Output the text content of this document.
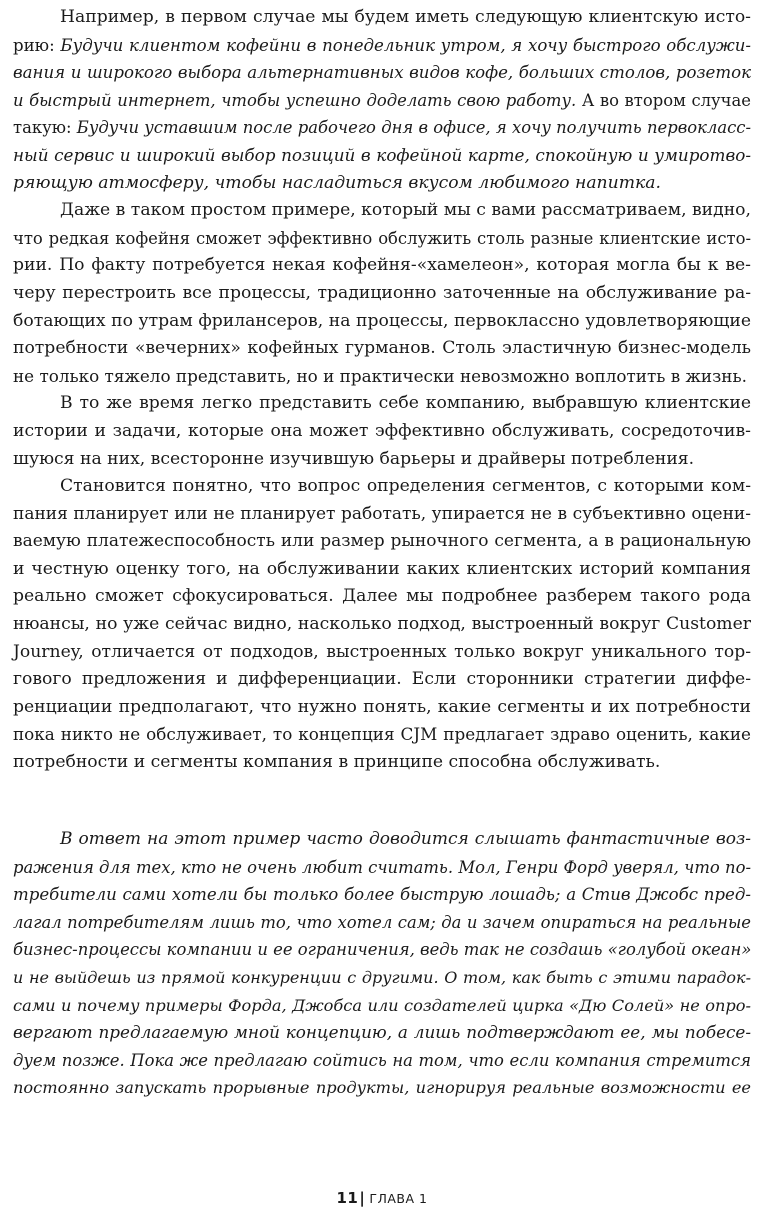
Например, в первом случае мы будем иметь следующую клиентскую исто-
рию: Будучи клиентом кофейни в понедельник утром, я хочу быстрого обслужи-
вания и широкого выбора альтернативных видов кофе, больших столов, розеток
и быстрый интернет, чтобы успешно доделать свою работу. А во втором случае
такую: Будучи уставшим после рабочего дня в офисе, я хочу получить первокласс-
ный сервис и широкий выбор позиций в кофейной карте, спокойную и умиротво-
ряющую атмосферу, чтобы насладиться вкусом любимого напитка.
Даже в таком простом примере, который мы с вами рассматриваем, видно,
что редкая кофейня сможет эффективно обслужить столь разные клиентские исто-
рии. По факту потребуется некая кофейня-«хамелеон», которая могла бы к ве-
черу перестроить все процессы, традиционно заточенные на обслуживание ра-
ботающих по утрам фрилансеров, на процессы, первоклассно удовлетворяющие
потребности «вечерних» кофейных гурманов. Столь эластичную бизнес-модель
не только тяжело представить, но и практически невозможно воплотить в жизнь.
В то же время легко представить себе компанию, выбравшую клиентские
истории и задачи, которые она может эффективно обслуживать, сосредоточив-
шуюся на них, всесторонне изучившую барьеры и драйверы потребления.
Становится понятно, что вопрос определения сегментов, с которыми ком-
пания планирует или не планирует работать, упирается не в субъективно оцени-
ваемую платежеспособность или размер рыночного сегмента, а в рациональную
и честную оценку того, на обслуживании каких клиентских историй компания
реально сможет сфокусироваться. Далее мы подробнее разберем такого рода
нюансы, но уже сейчас видно, насколько подход, выстроенный вокруг Customer
Journey, отличается от подходов, выстроенных только вокруг уникального тор-
гового предложения и дифференциации. Если сторонники стратегии диффе-
ренциации предполагают, что нужно понять, какие сегменты и их потребности
пока никто не обслуживает, то концепция CJM предлагает здраво оценить, какие
потребности и сегменты компания в принципе способна обслуживать.
В ответ на этот пример часто доводится слышать фантастичные воз-
ражения для тех, кто не очень любит считать. Мол, Генри Форд уверял, что по-
требители сами хотели бы только более быструю лошадь; а Стив Джобс пред-
лагал потребителям лишь то, что хотел сам; да и зачем опираться на реальные
бизнес-процессы компании и ее ограничения, ведь так не создашь «голубой океан»
и не выйдешь из прямой конкуренции с другими. О том, как быть с этими парадок-
сами и почему примеры Форда, Джобса или создателей цирка «Дю Солей» не опро-
вергают предлагаемую мной концепцию, а лишь подтверждают ее, мы побесе-
дуем позже. Пока же предлагаю сойтись на том, что если компания стремится
постоянно запускать прорывные продукты, игнорируя реальные возможности ее
11| ГЛАВА 1
